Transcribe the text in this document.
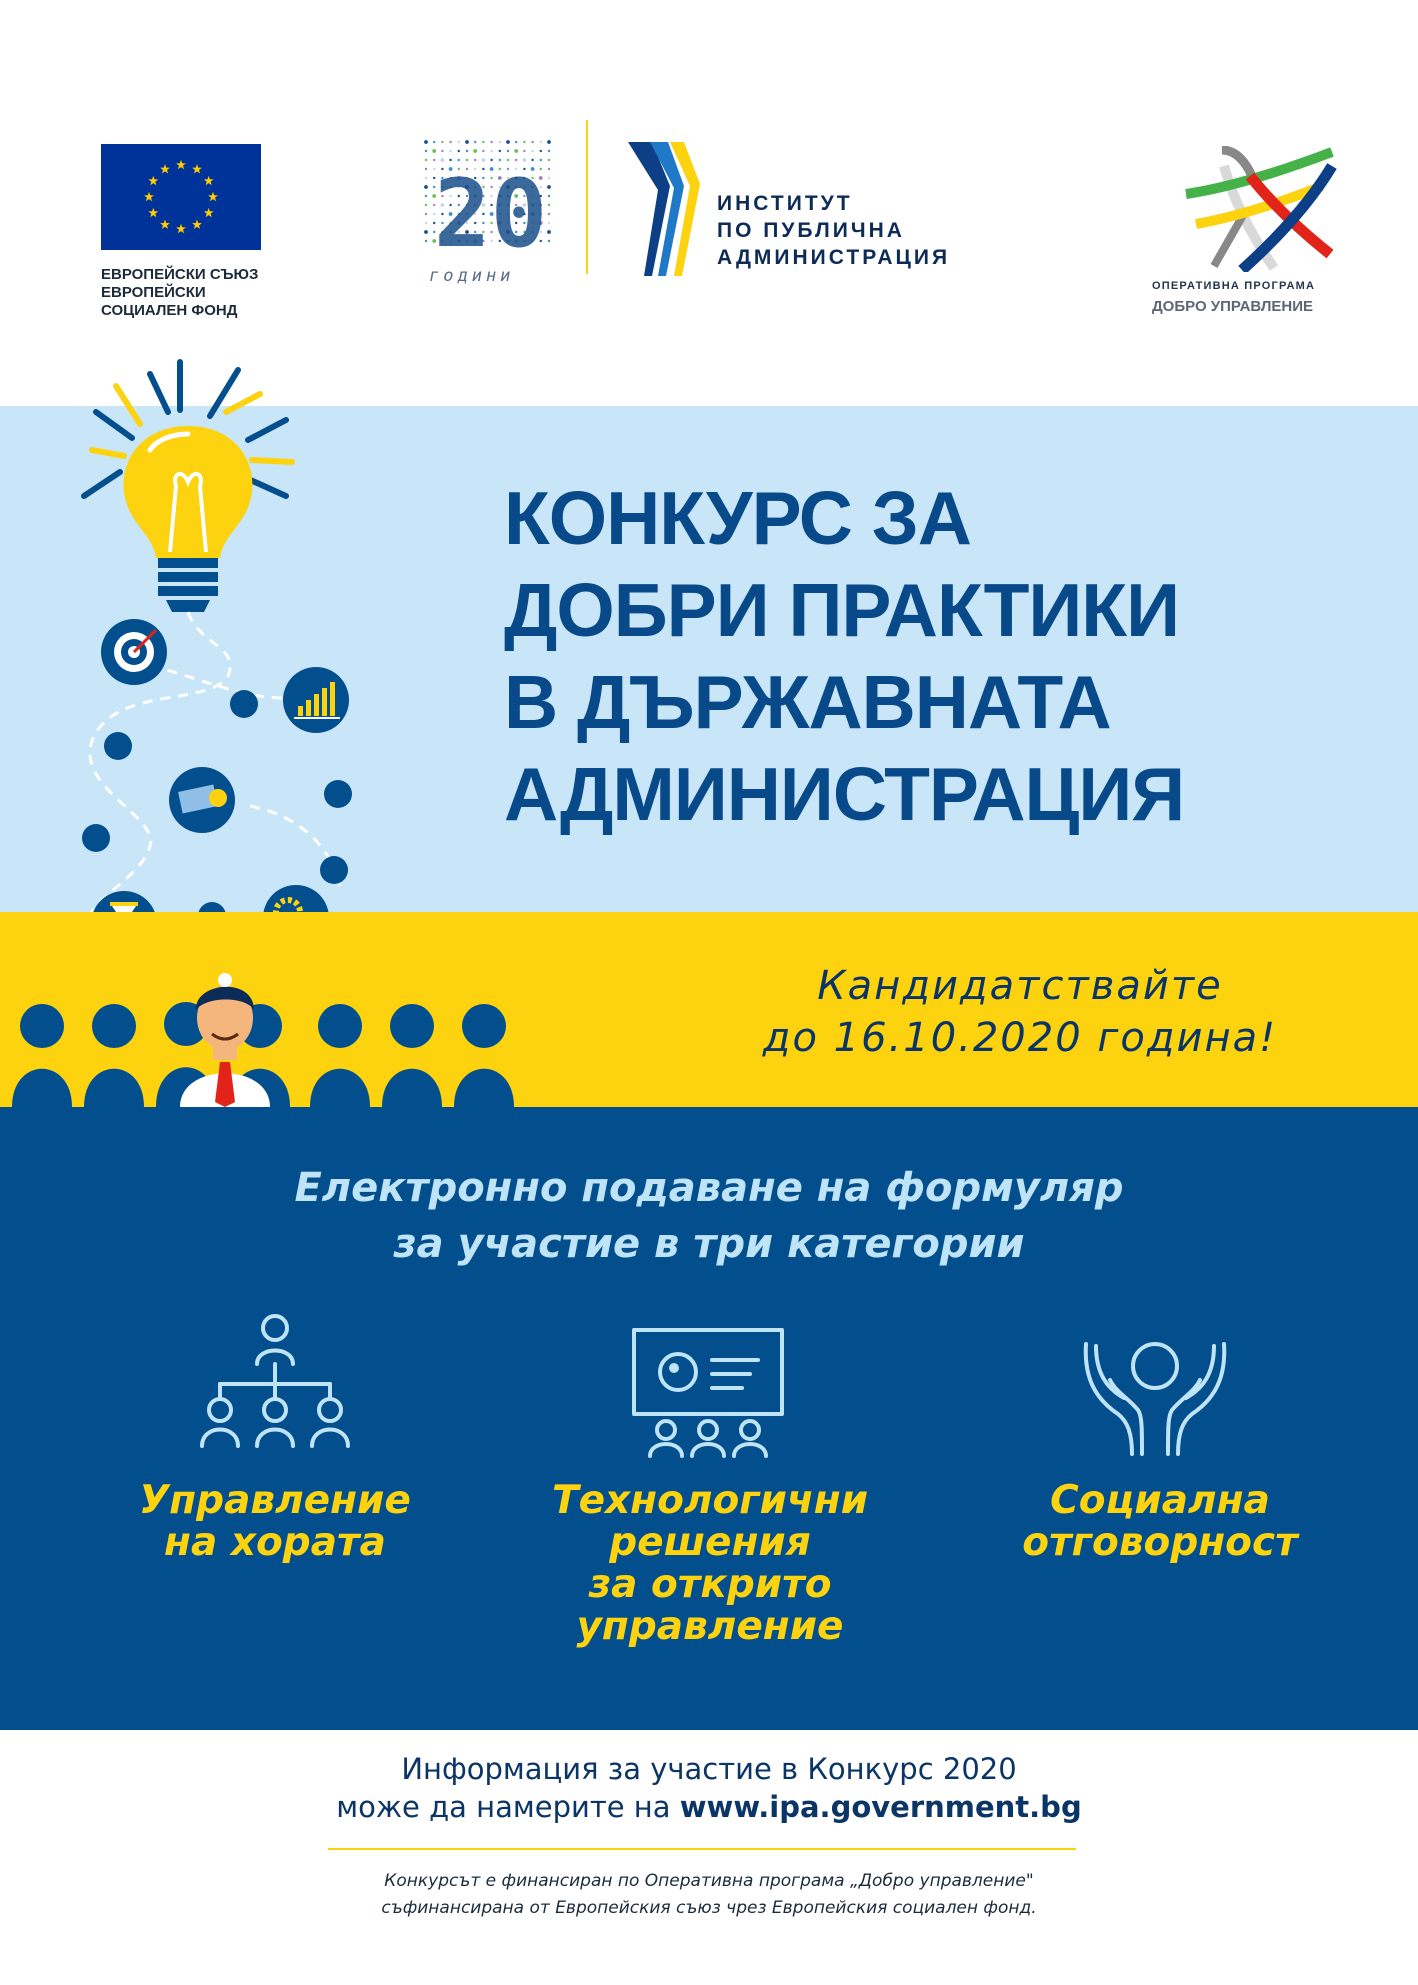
ЕВРОПЕЙСКИ СЪЮЗ
ЕВРОПЕЙСКИ
СОЦИАЛЕН ФОНД
20
години
ИНСТИТУТ
ПО ПУБЛИЧНА
АДМИНИСТРАЦИЯ
ОПЕРАТИВНА ПРОГРАМА
ДОБРО УПРАВЛЕНИЕ
КОНКУРС ЗА
ДОБРИ ПРАКТИКИ
В ДЪРЖАВНАТА
АДМИНИСТРАЦИЯ
Кандидатствайте
до 16.10.2020 година!
Електронно подаване на формуляр
за участие в три категории
Управление
на хората
Технологични
решения
за открито
управление
Социална
отговорност
Информация за участие в Конкурс 2020
може да намерите на www.ipa.government.bg
Конкурсът е финансиран по Оперативна програма „Добро управление"
съфинансирана от Европейския съюз чрез Европейския социален фонд.
